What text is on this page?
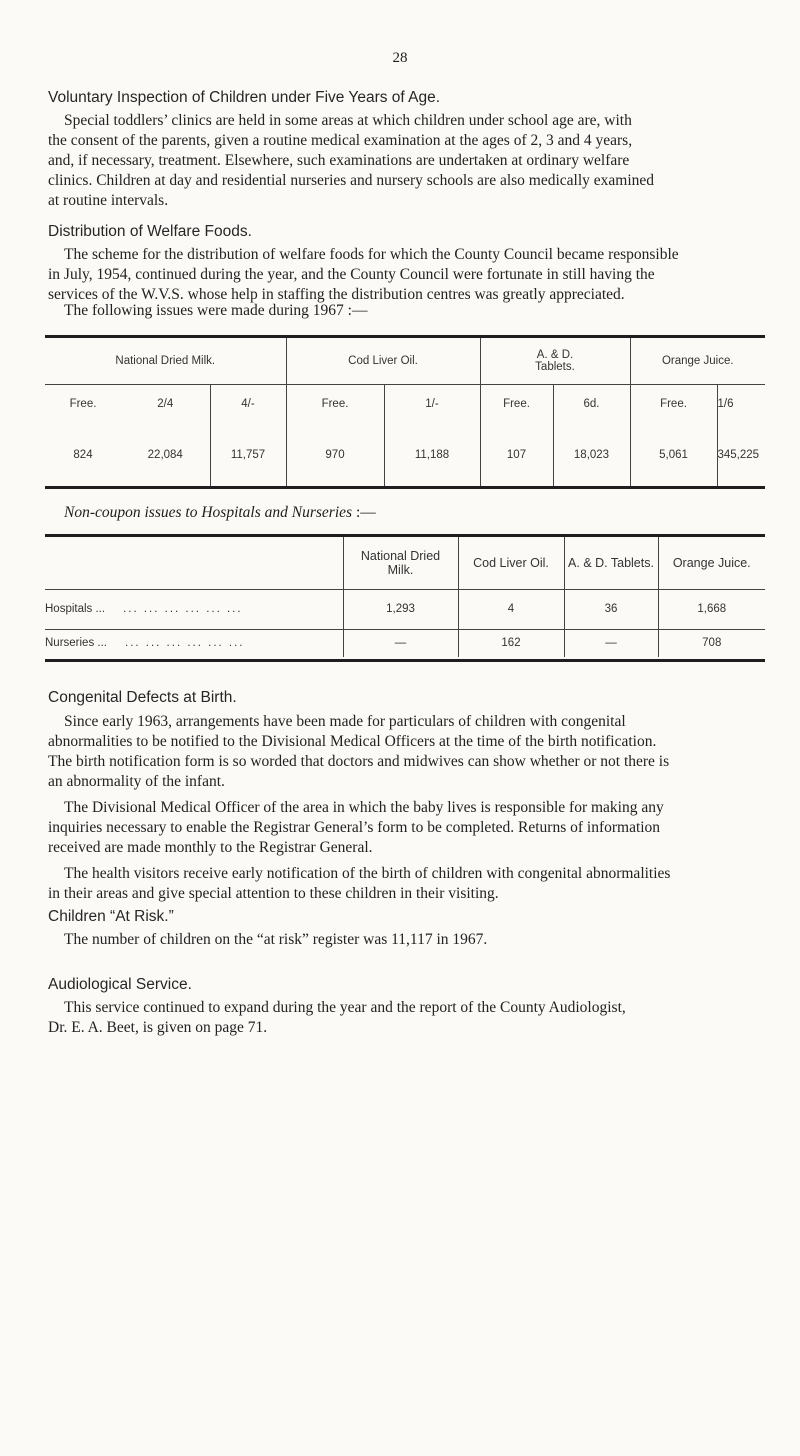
28
Voluntary Inspection of Children under Five Years of Age.
Special toddlers’ clinics are held in some areas at which children under school age are, with
the consent of the parents, given a routine medical examination at the ages of 2, 3 and 4 years,
and, if necessary, treatment. Elsewhere, such examinations are undertaken at ordinary welfare
clinics. Children at day and residential nurseries and nursery schools are also medically examined
at routine intervals.
Distribution of Welfare Foods.
The scheme for the distribution of welfare foods for which the County Council became responsible
in July, 1954, continued during the year, and the County Council were fortunate in still having the
services of the W.V.S. whose help in staffing the distribution centres was greatly appreciated.
The following issues were made during 1967 :—
National Dried Milk.			Cod Liver Oil.		A. & D. Tablets.		Orange Juice.	
Free.	2/4	4/-	Free.	1/-	Free.	6d.	Free.	1/6
824	22,084	11,757	970	11,188	107	18,023	5,061	345,225
Non-coupon issues to Hospitals and Nurseries :—

	National Dried Milk.	Cod Liver Oil.	A. & D. Tablets.	Orange Juice.
Hospitals ... ... ... ... ... ... ...	1,293	4	36	1,668
Nurseries ... ... ... ... ... ... ...	—	162	—	708
Congenital Defects at Birth.
Since early 1963, arrangements have been made for particulars of children with congenital
abnormalities to be notified to the Divisional Medical Officers at the time of the birth notification.
The birth notification form is so worded that doctors and midwives can show whether or not there is
an abnormality of the infant.
The Divisional Medical Officer of the area in which the baby lives is responsible for making any
inquiries necessary to enable the Registrar General’s form to be completed. Returns of information
received are made monthly to the Registrar General.
The health visitors receive early notification of the birth of children with congenital abnormalities
in their areas and give special attention to these children in their visiting.
Children “At Risk.”
The number of children on the “at risk” register was 11,117 in 1967.
Audiological Service.
This service continued to expand during the year and the report of the County Audiologist,
Dr. E. A. Beet, is given on page 71.
